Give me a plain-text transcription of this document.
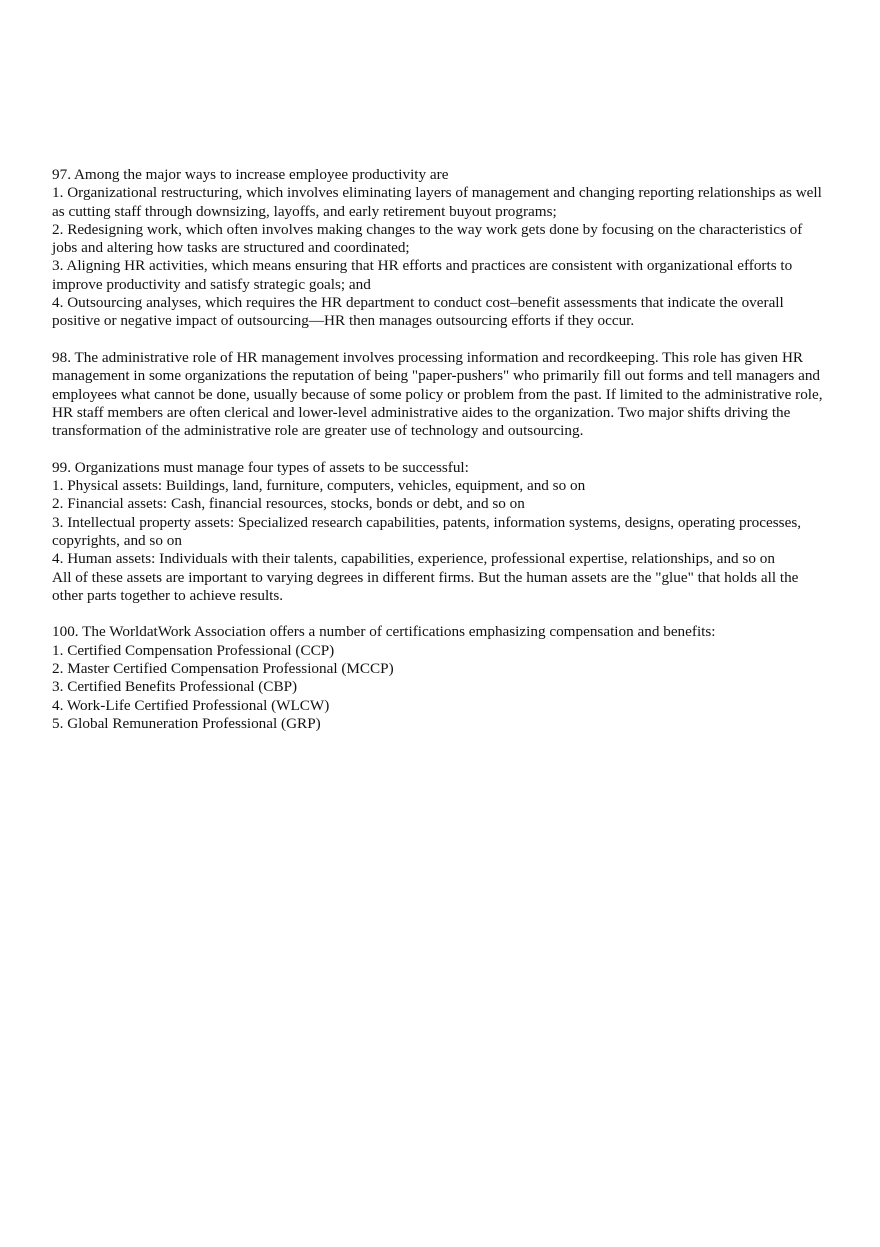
97. Among the major ways to increase employee productivity are

1. Organizational restructuring, which involves eliminating layers of management and changing reporting relationships as well as cutting staff through downsizing, layoffs, and early retirement buyout programs;

2. Redesigning work, which often involves making changes to the way work gets done by focusing on the characteristics of jobs and altering how tasks are structured and coordinated;

3. Aligning HR activities, which means ensuring that HR efforts and practices are consistent with organizational efforts to improve productivity and satisfy strategic goals; and

4. Outsourcing analyses, which requires the HR department to conduct cost–benefit assessments that indicate the overall positive or negative impact of outsourcing—HR then manages outsourcing efforts if they occur.

98. The administrative role of HR management involves processing information and recordkeeping. This role has given HR management in some organizations the reputation of being "paper-pushers" who primarily fill out forms and tell managers and employees what cannot be done, usually because of some policy or problem from the past. If limited to the administrative role, HR staff members are often clerical and lower-level administrative aides to the organization. Two major shifts driving the transformation of the administrative role are greater use of technology and outsourcing.

99. Organizations must manage four types of assets to be successful:

1. Physical assets: Buildings, land, furniture, computers, vehicles, equipment, and so on

2. Financial assets: Cash, financial resources, stocks, bonds or debt, and so on

3. Intellectual property assets: Specialized research capabilities, patents, information systems, designs, operating processes, copyrights, and so on

4. Human assets: Individuals with their talents, capabilities, experience, professional expertise, relationships, and so on

All of these assets are important to varying degrees in different firms. But the human assets are the "glue" that holds all the other parts together to achieve results.

100. The WorldatWork Association offers a number of certifications emphasizing compensation and benefits:

1. Certified Compensation Professional (CCP)

2. Master Certified Compensation Professional (MCCP)

3. Certified Benefits Professional (CBP)

4. Work-Life Certified Professional (WLCW)

5. Global Remuneration Professional (GRP)
